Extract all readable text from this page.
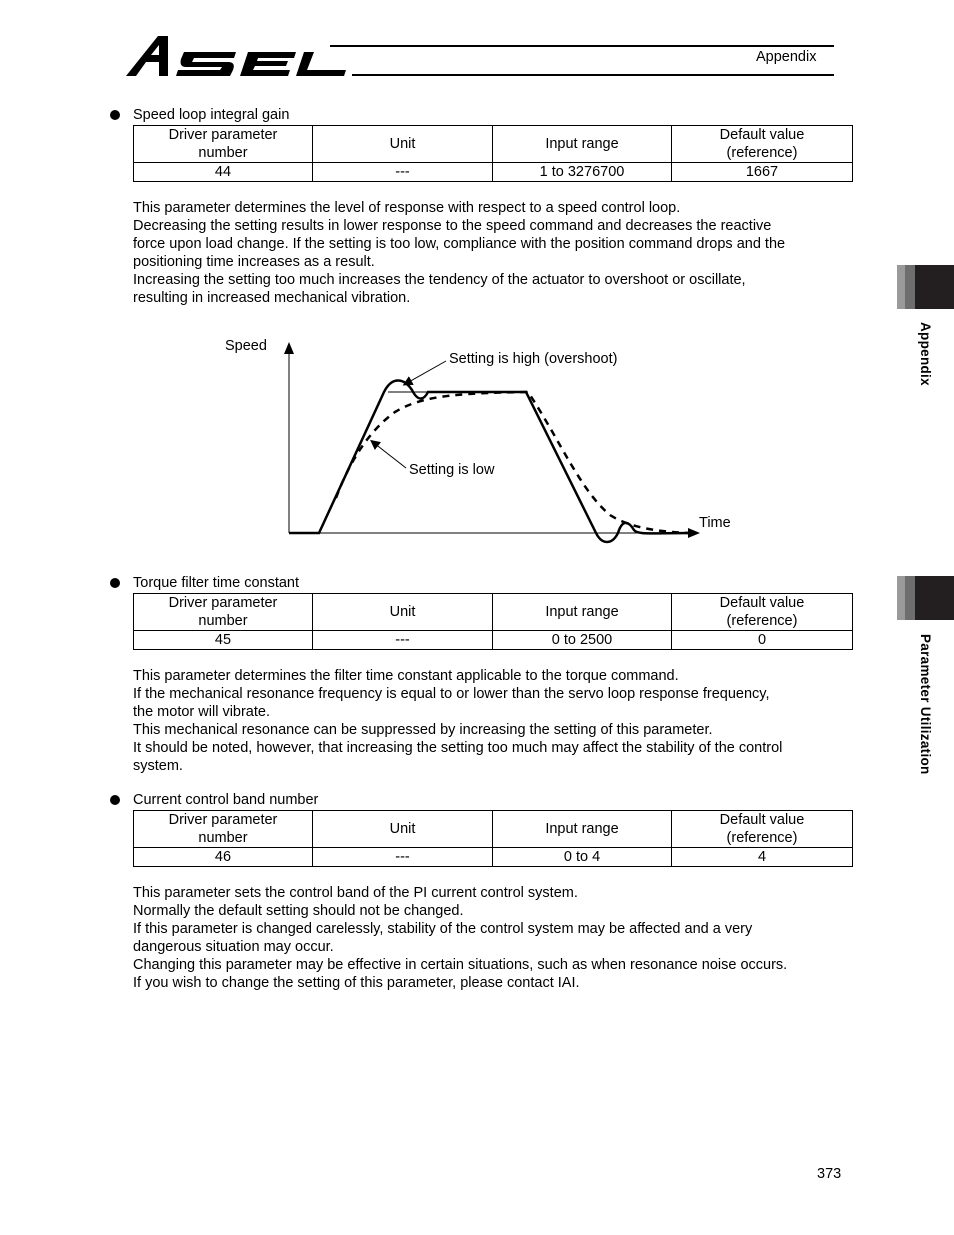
Appendix
Appendix
Parameter Utilization
Speed loop integral gain
Driver parameter
number	Unit	Input range	Default value
(reference)

44	---	1 to 3276700	1667
This parameter determines the level of response with respect to a speed control loop.
Decreasing the setting results in lower response to the speed command and decreases the reactive
force upon load change. If the setting is too low, compliance with the position command drops and the
positioning time increases as a result.
Increasing the setting too much increases the tendency of the actuator to overshoot or oscillate,
resulting in increased mechanical vibration.
Speed
Time
Setting is high (overshoot)
Setting is low
Torque filter time constant
Driver parameter
number	Unit	Input range	Default value
(reference)

45	---	0 to 2500	0
This parameter determines the filter time constant applicable to the torque command.
If the mechanical resonance frequency is equal to or lower than the servo loop response frequency,
the motor will vibrate.
This mechanical resonance can be suppressed by increasing the setting of this parameter.
It should be noted, however, that increasing the setting too much may affect the stability of the control
system.
Current control band number
Driver parameter
number	Unit	Input range	Default value
(reference)

46	---	0 to 4	4
This parameter sets the control band of the PI current control system.
Normally the default setting should not be changed.
If this parameter is changed carelessly, stability of the control system may be affected and a very
dangerous situation may occur.
Changing this parameter may be effective in certain situations, such as when resonance noise occurs.
If you wish to change the setting of this parameter, please contact IAI.
373
